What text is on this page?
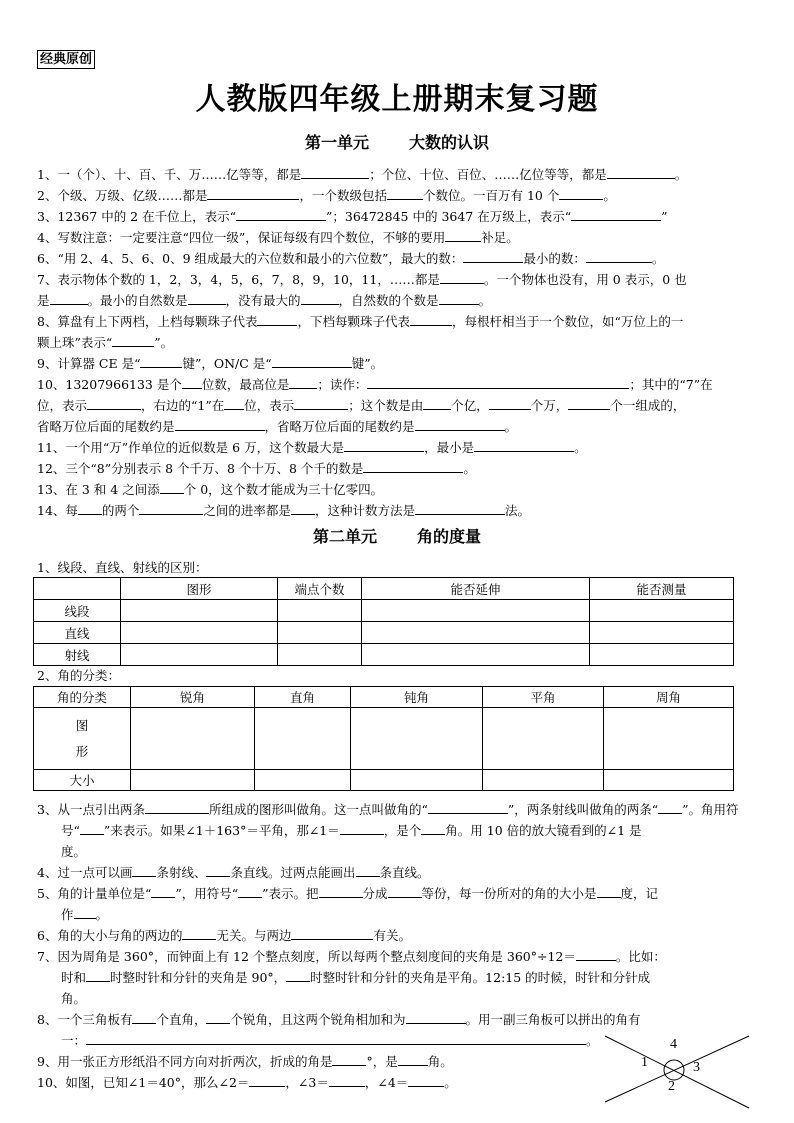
经典原创
人教版四年级上册期末复习题
第一单元	大数的认识
1、一（个）、十、百、千、万……亿等等，都是	；个位、十位、百位、……亿位等等，都是	。
2、个级、万级、亿级……都是	，一个数级包括	个数位。一百万有 10 个	。
3、12367 中的 2 在千位上，表示“	”；36472845 中的 3647 在万级上，表示“	”
4、写数注意：一定要注意“四位一级”，保证每级有四个数位，不够的要用	补足。
6、“用 2、4、5、6、0、9 组成最大的六位数和最小的六位数”，最大的数：	最小的数：	。
7、表示物体个数的 1，2，3，4，5，6，7，8，9，10，11，……都是	。一个物体也没有，用 0 表示，0 也
是	。最小的自然数是	，没有最大的	，自然数的个数是	。
8、算盘有上下两档，上档每颗珠子代表	，下档每颗珠子代表	，每根杆相当于一个数位，如“万位上的一
颗上珠”表示“	”。
9、计算器 CE 是“	键”，ON/C 是“	键”。
10、13207966133 是个 位数，最高位是 ；读作：	；其中的“7”在
位，表示	，右边的“1”在 位，表示	；这个数是由 个亿，	个万，	个一组成的，
省略万位后面的尾数约是	，省略万位后面的尾数约是	。
11、一个用“万”作单位的近似数是 6 万，这个数最大是	，最小是	。
12、三个“8”分别表示 8 个千万、8 个十万、8 个千的数是	。
13、在 3 和 4 之间添 个 0，这个数才能成为三十亿零四。
14、每 的两个	之间的进率都是 ，这种计数方法是	法。
第二单元	角的度量
1、线段、直线、射线的区别：
	图形	端点个数	能否延伸	能否测量
线段				
直线				
射线				
2、角的分类：
角的分类	锐角	直角	钝角	平角	周角
图
形					
大小					
3、从一点引出两条	所组成的图形叫做角。这一点叫做角的“	”，两条射线叫做角的两条“ ”。角用符
号“ ”来表示。如果∠1＋163°＝平角，那∠1＝	，是个 角。用 10 倍的放大镜看到的∠1 是
度。
4、过一点可以画 条射线、 条直线。过两点能画出 条直线。
5、角的计量单位是“ ”，用符号“ ”表示。把	分成	等份，每一份所对的角的大小是 度，记
作 。
6、角的大小与角的两边的	无关。与两边	有关。
7、因为周角是 360°，而钟面上有 12 个整点刻度，所以每两个整点刻度间的夹角是 360°÷12＝	。比如：
时和 时整时针和分针的夹角是 90°， 时整时针和分针的夹角是平角。12:15 的时候，时针和分针成
角。
8、一个三角板有 个直角， 个锐角，且这两个锐角相加和为	。用一副三角板可以拼出的角有
一：	。
9、用一张正方形纸沿不同方向对折两次，折成的角是	°，是 角。
10、如图，已知∠1＝40°，那么∠2＝	，∠3＝	，∠4＝	。
1
2
3
4
